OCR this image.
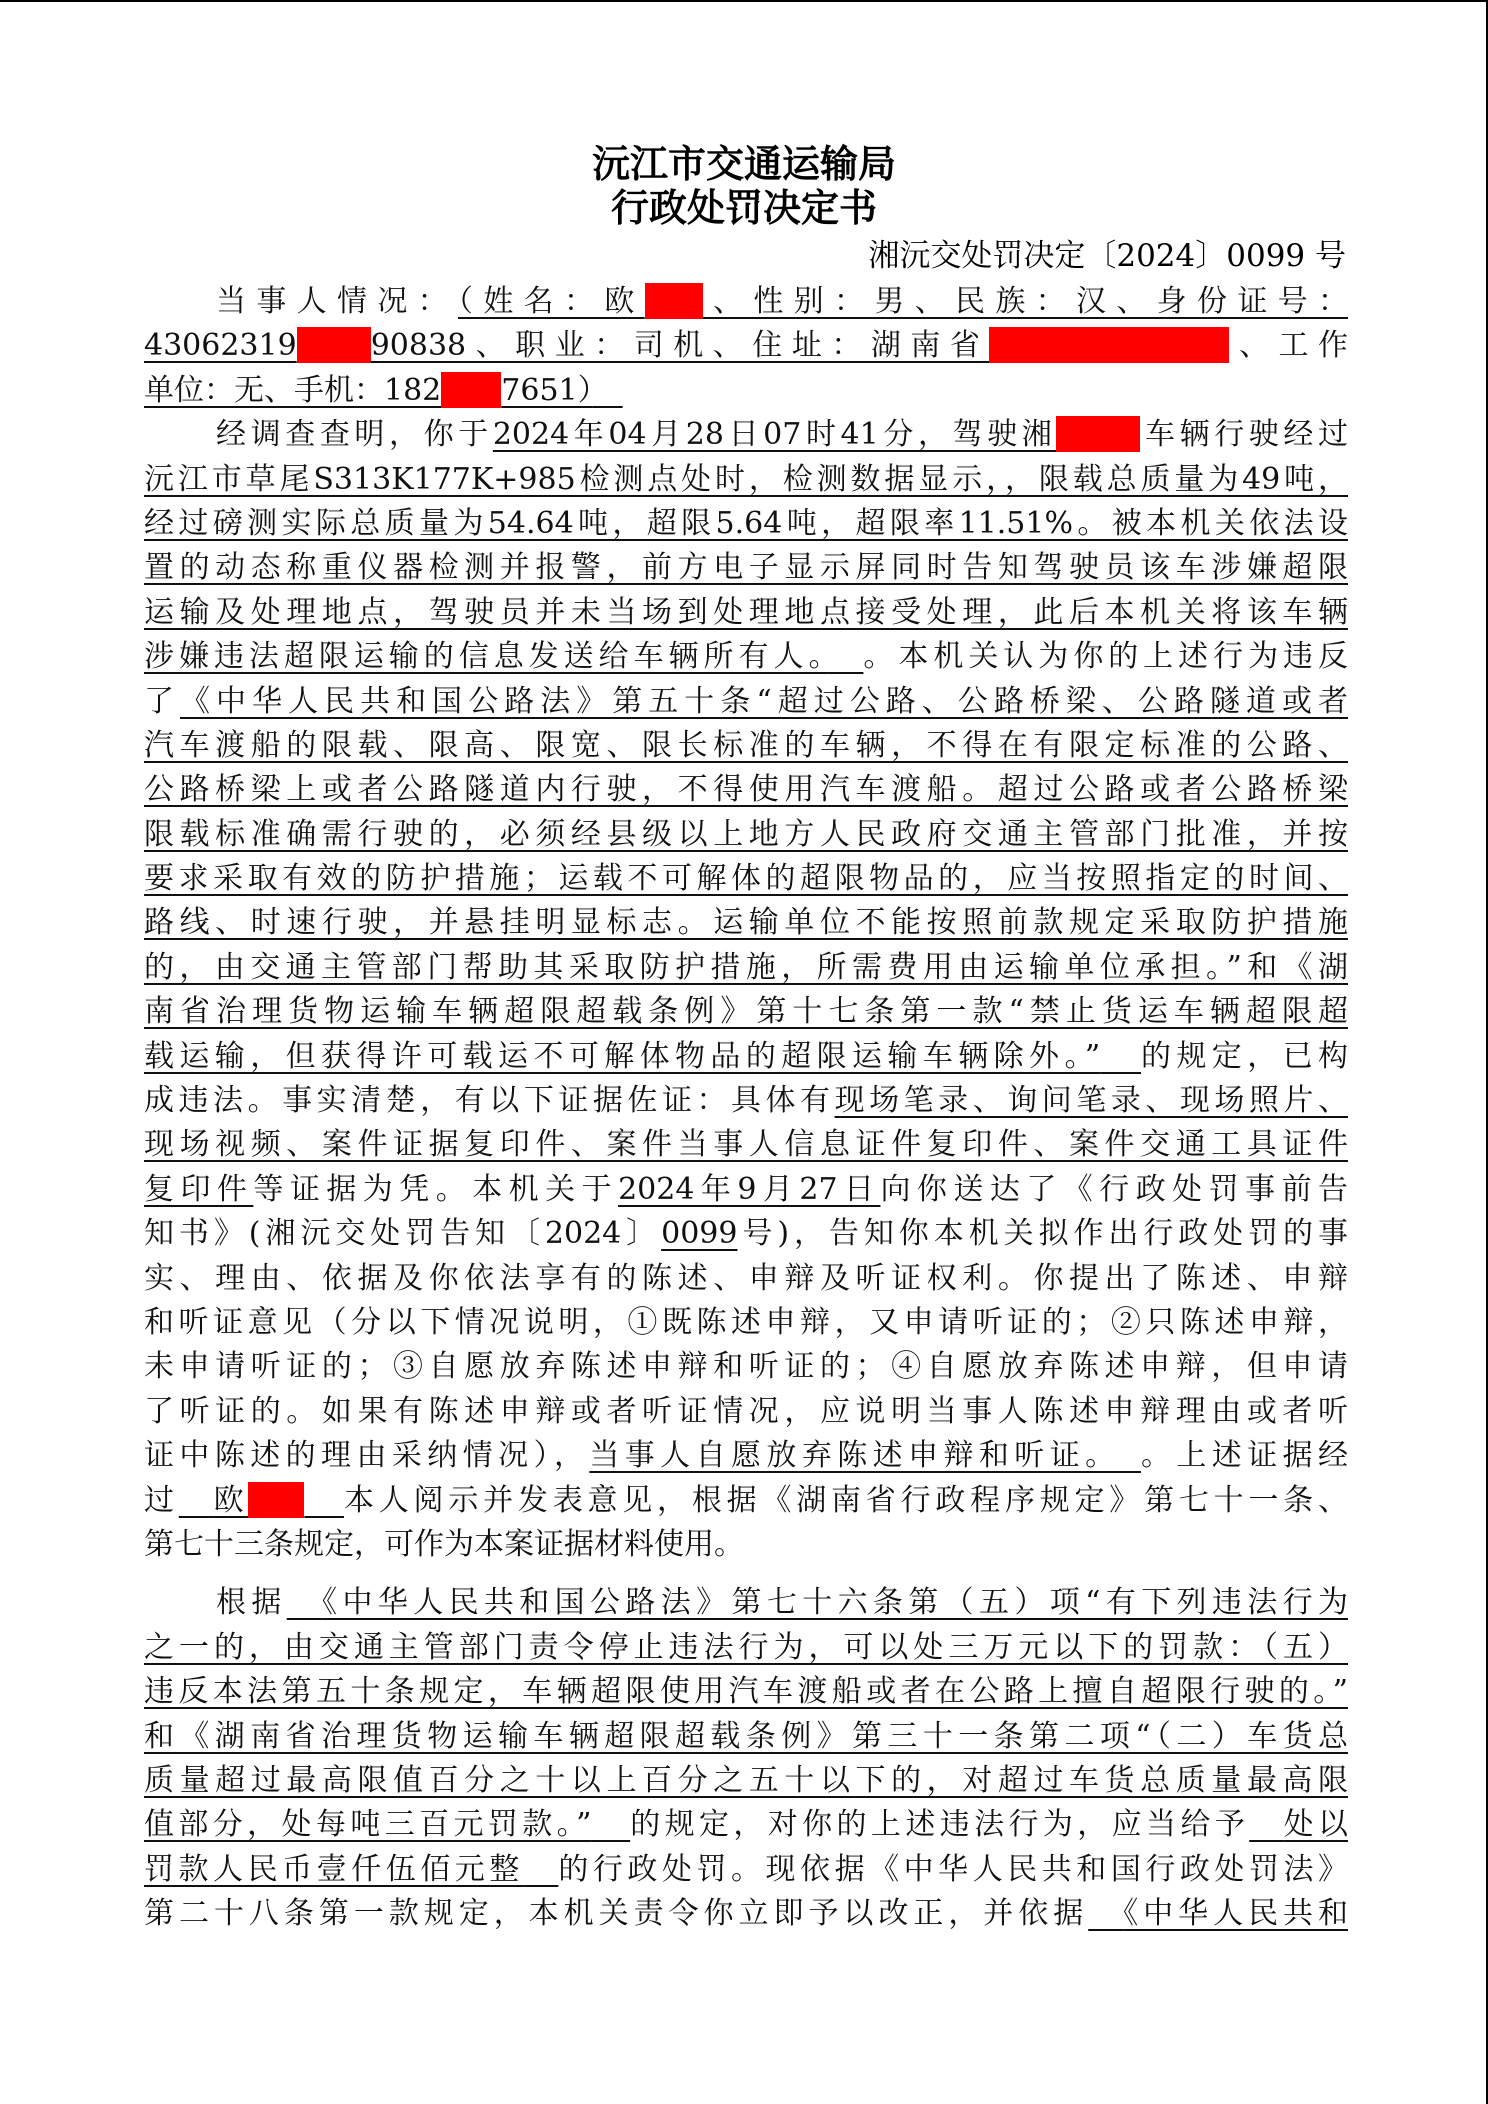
沅江市交通运输局
行政处罚决定书
湘沅交处罚决定〔2024〕0099 号
当事人情况：（姓名：欧 、性别：男、民族：汉、身份证号：
43062319 90838、职业：司机、住址：湖南省	、工作
单位：无、手机：182 7651）　
经调查查明，你于2024年04月28日07时41分，驾驶湘	车辆行驶经过
沅江市草尾S313K177K+985检测点处时，检测数据显示，，限载总质量为49吨，
经过磅测实际总质量为54.64吨，超限5.64吨，超限率11.51%。被本机关依法设
置的动态称重仪器检测并报警，前方电子显示屏同时告知驾驶员该车涉嫌超限
运输及处理地点，驾驶员并未当场到处理地点接受处理，此后本机关将该车辆
涉嫌违法超限运输的信息发送给车辆所有人。　 。本机关认为你的上述行为违反
了《中华人民共和国公路法》第五十条“超过公路、公路桥梁、公路隧道或者
汽车渡船的限载、限高、限宽、限长标准的车辆，不得在有限定标准的公路、
公路桥梁上或者公路隧道内行驶，不得使用汽车渡船。超过公路或者公路桥梁
限载标准确需行驶的，必须经县级以上地方人民政府交通主管部门批准，并按
要求采取有效的防护措施；运载不可解体的超限物品的，应当按照指定的时间、
路线、时速行驶，并悬挂明显标志。运输单位不能按照前款规定采取防护措施
的，由交通主管部门帮助其采取防护措施，所需费用由运输单位承担。”和《湖
南省治理货物运输车辆超限超载条例》第十七条第一款“禁止货运车辆超限超
载运输，但获得许可载运不可解体物品的超限运输车辆除外。”　 的规定，已构
成违法。事实清楚，有以下证据佐证：具体有现场笔录、询问笔录、现场照片、
现场视频、案件证据复印件、案件当事人信息证件复印件、案件交通工具证件
复印件等证据为凭。本机关于2024年9月27日向你送达了《行政处罚事前告
知书》(湘沅交处罚告知〔2024〕0099号)，告知你本机关拟作出行政处罚的事
实、理由、依据及你依法享有的陈述、申辩及听证权利。你提出了陈述、申辩
和听证意见（分以下情况说明，①既陈述申辩，又申请听证的；②只陈述申辩，
未申请听证的；③自愿放弃陈述申辩和听证的；④自愿放弃陈述申辩，但申请
了听证的。如果有陈述申辩或者听证情况，应说明当事人陈述申辩理由或者听
证中陈述的理由采纳情况），当事人自愿放弃陈述申辩和听证。　 。上述证据经
过　 欧　	本人阅示并发表意见，根据《湖南省行政程序规定》第七十一条、
第七十三条规定，可作为本案证据材料使用。
根据　 《中华人民共和国公路法》第七十六条第（五）项“有下列违法行为
之一的，由交通主管部门责令停止违法行为，可以处三万元以下的罚款：（五）
违反本法第五十条规定，车辆超限使用汽车渡船或者在公路上擅自超限行驶的。”
和《湖南省治理货物运输车辆超限超载条例》第三十一条第二项“（二）车货总
质量超过最高限值百分之十以上百分之五十以下的，对超过车货总质量最高限
值部分，处每吨三百元罚款。”　 的规定，对你的上述违法行为，应当给予　 处以
罚款人民币壹仟伍佰元整　 的行政处罚。现依据《中华人民共和国行政处罚法》
第二十八条第一款规定，本机关责令你立即予以改正，并依据　 《中华人民共和
